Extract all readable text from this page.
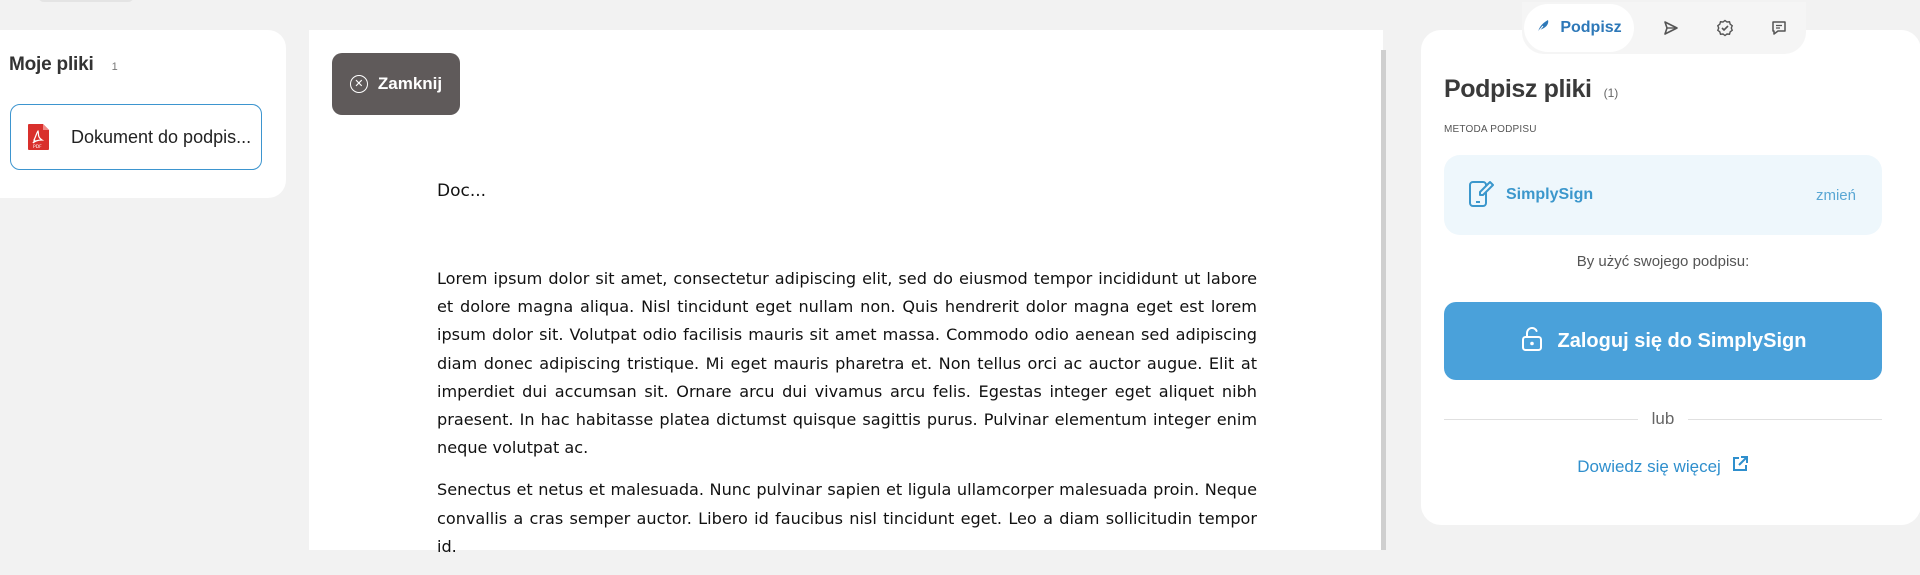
Moje pliki 1
PDF
Dokument do podpis...
✕ Zamknij
Doc...

Lorem ipsum dolor sit amet, consectetur adipiscing elit, sed do eiusmod tempor incididunt ut labore et dolore magna aliqua. Nisl tincidunt eget nullam non. Quis hendrerit dolor magna eget est lorem ipsum dolor sit. Volutpat odio facilisis mauris sit amet massa. Commodo odio aenean sed adipiscing diam donec adipiscing tristique. Mi eget mauris pharetra et. Non tellus orci ac auctor augue. Elit at imperdiet dui accumsan sit. Ornare arcu dui vivamus arcu felis. Egestas integer eget aliquet nibh praesent. In hac habitasse platea dictumst quisque sagittis purus. Pulvinar elementum integer enim neque volutpat ac.

Senectus et netus et malesuada. Nunc pulvinar sapien et ligula ullamcorper malesuada proin. Neque convallis a cras semper auctor. Libero id faucibus nisl tincidunt eget. Leo a diam sollicitudin tempor id.

Podpisz
Podpisz pliki (1)
METODA PODPISU
SimplySign	zmień
By użyć swojego podpisu:
Zaloguj się do SimplySign
lub
Dowiedz się więcej
